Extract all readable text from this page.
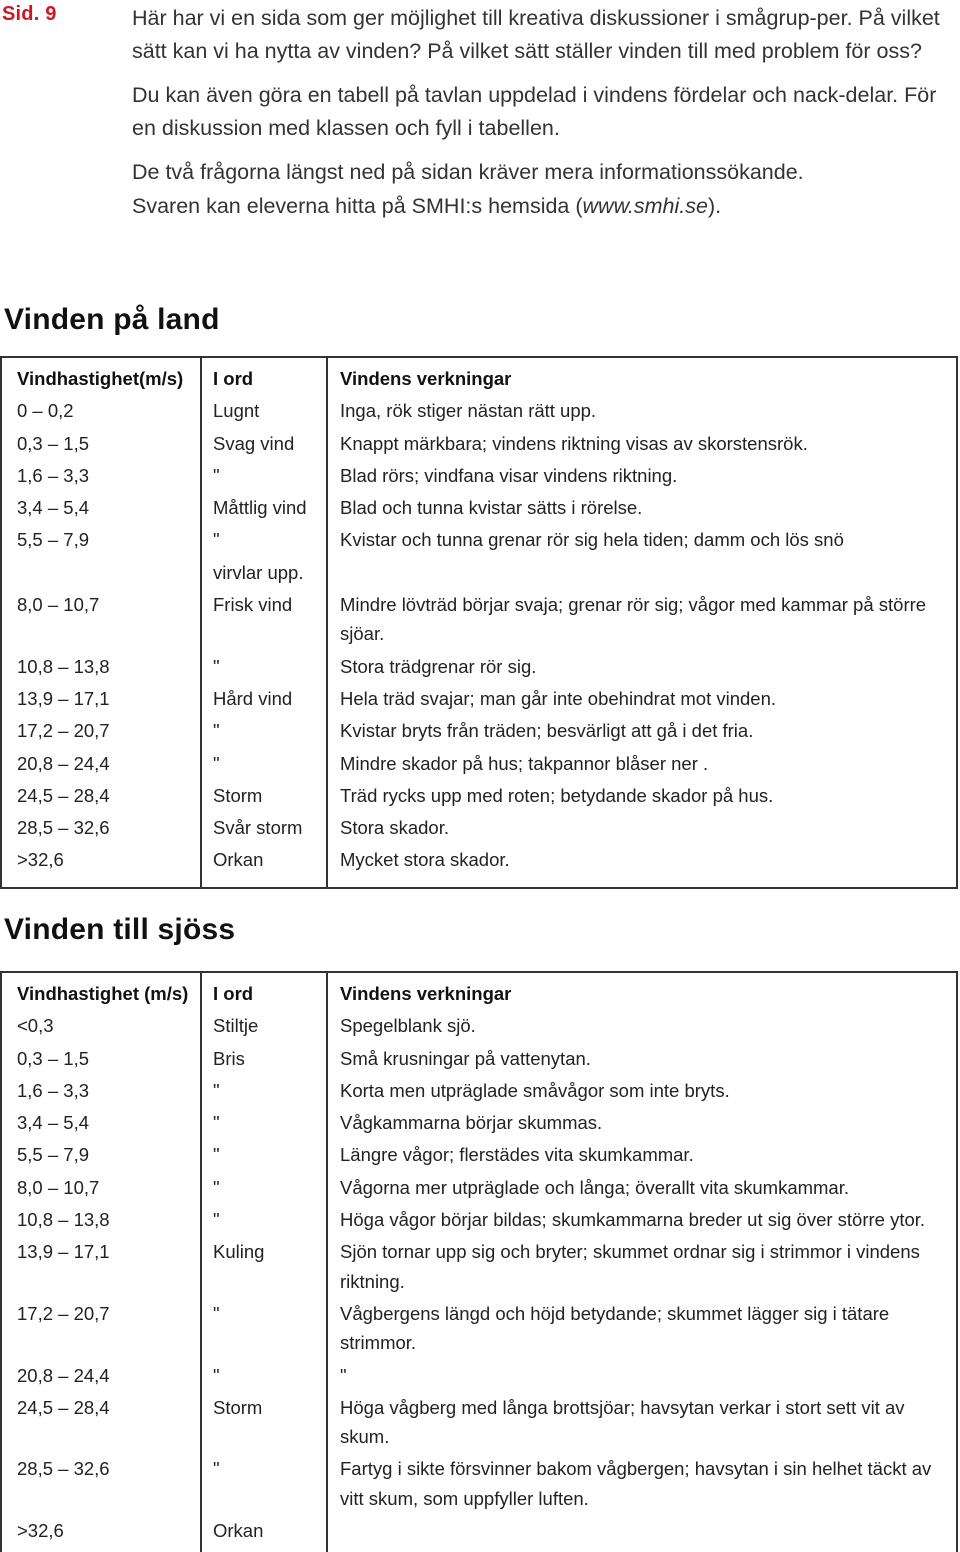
Sid. 9	Här har vi en sida som ger möjlighet till kreativa diskussioner i smågrup-per. På vilket sätt kan vi ha nytta av vinden? På vilket sätt ställer vinden till med problem för oss?

Du kan även göra en tabell på tavlan uppdelad i vindens fördelar och nack-delar. För en diskussion med klassen och fyll i tabellen.

De två frågorna längst ned på sidan kräver mera informationssökande.

Svaren kan eleverna hitta på SMHI:s hemsida (www.smhi.se).

Vinden på land
Vindhastighet(m/s)	I ord	Vindens verkningar
0 – 0,2	Lugnt	Inga, rök stiger nästan rätt upp.
0,3 – 1,5	Svag vind	Knappt märkbara; vindens riktning visas av skorstensrök.
1,6 – 3,3	"	Blad rörs; vindfana visar vindens riktning.
3,4 – 5,4	Måttlig vind	Blad och tunna kvistar sätts i rörelse.
5,5 – 7,9	"	Kvistar och tunna grenar rör sig hela tiden; damm och lös snö
	virvlar upp.	
8,0 – 10,7	Frisk vind	Mindre lövträd börjar svaja; grenar rör sig; vågor med kammar på större sjöar.
10,8 – 13,8	"	Stora trädgrenar rör sig.
13,9 – 17,1	Hård vind	Hela träd svajar; man går inte obehindrat mot vinden.
17,2 – 20,7	"	Kvistar bryts från träden; besvärligt att gå i det fria.
20,8 – 24,4	"	Mindre skador på hus; takpannor blåser ner .
24,5 – 28,4	Storm	Träd rycks upp med roten; betydande skador på hus.
28,5 – 32,6	Svår storm	Stora skador.
>32,6	Orkan	Mycket stora skador.
Vinden till sjöss
Vindhastighet (m/s)	I ord	Vindens verkningar
<0,3	Stiltje	Spegelblank sjö.
0,3 – 1,5	Bris	Små krusningar på vattenytan.
1,6 – 3,3	"	Korta men utpräglade småvågor som inte bryts.
3,4 – 5,4	"	Vågkammarna börjar skummas.
5,5 – 7,9	"	Längre vågor; flerstädes vita skumkammar.
8,0 – 10,7	"	Vågorna mer utpräglade och långa; överallt vita skumkammar.
10,8 – 13,8	"	Höga vågor börjar bildas; skumkammarna breder ut sig över större ytor.
13,9 – 17,1	Kuling	Sjön tornar upp sig och bryter; skummet ordnar sig i strimmor i vindens riktning.
17,2 – 20,7	"	Vågbergens längd och höjd betydande; skummet lägger sig i tätare strimmor.
20,8 – 24,4	"	"
24,5 – 28,4	Storm	Höga vågberg med långa brottsjöar; havsytan verkar i stort sett vit av skum.
28,5 – 32,6	"	Fartyg i sikte försvinner bakom vågbergen; havsytan i sin helhet täckt av vitt skum, som uppfyller luften.
>32,6	Orkan	
